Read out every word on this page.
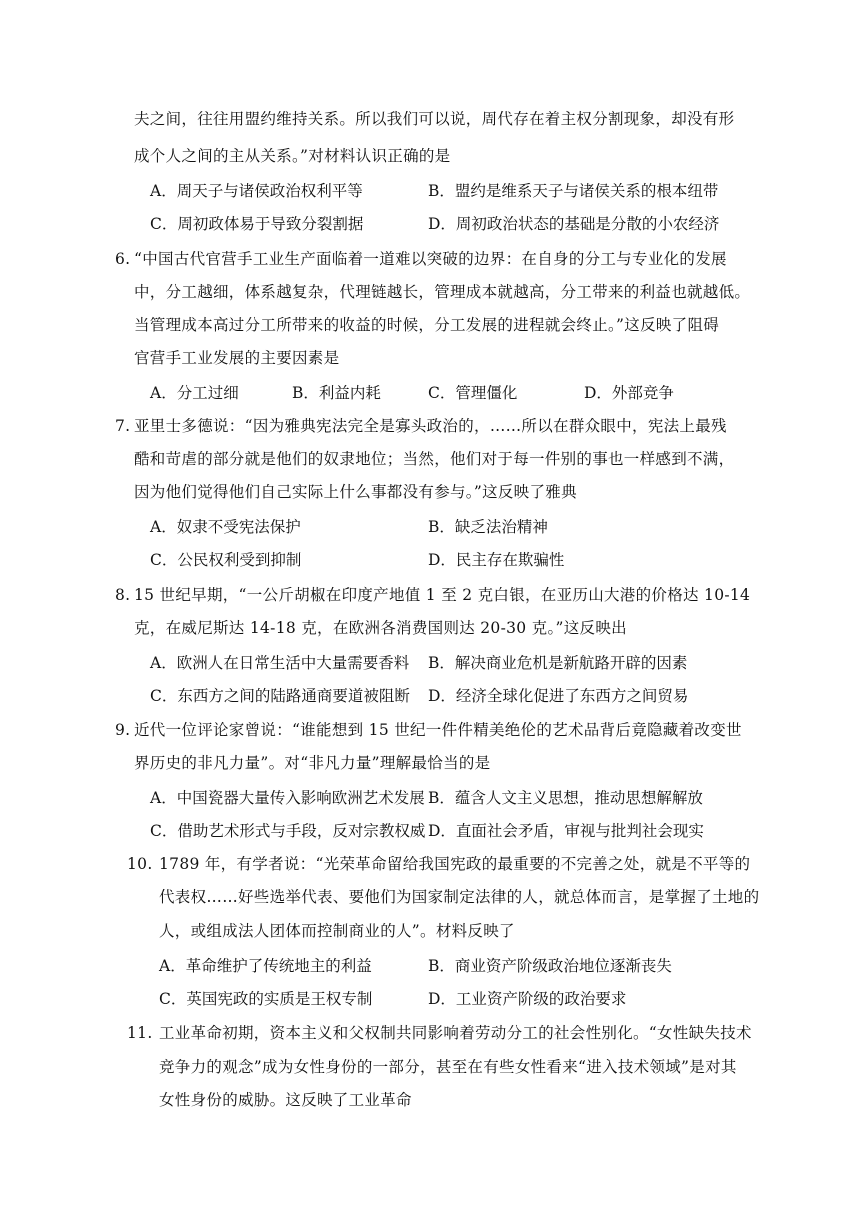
夫之间，往往用盟约维持关系。所以我们可以说，周代存在着主权分割现象，却没有形
成个人之间的主从关系。”对材料认识正确的是
A．周天子与诸侯政治权利平等	B．盟约是维系天子与诸侯关系的根本纽带
C．周初政体易于导致分裂割据	D．周初政治状态的基础是分散的小农经济
6. “中国古代官营手工业生产面临着一道难以突破的边界：在自身的分工与专业化的发展
中，分工越细，体系越复杂，代理链越长，管理成本就越高，分工带来的利益也就越低。
当管理成本高过分工所带来的收益的时候，分工发展的进程就会终止。”这反映了阻碍
官营手工业发展的主要因素是
A．分工过细	B．利益内耗	C．管理僵化	D．外部竞争
7. 亚里士多德说：“因为雅典宪法完全是寡头政治的，……所以在群众眼中，宪法上最残
酷和苛虐的部分就是他们的奴隶地位；当然，他们对于每一件别的事也一样感到不满，
因为他们觉得他们自己实际上什么事都没有参与。”这反映了雅典
A．奴隶不受宪法保护	B．缺乏法治精神
C．公民权利受到抑制	D．民主存在欺骗性
8. 15 世纪早期，“一公斤胡椒在印度产地值 1 至 2 克白银，在亚历山大港的价格达 10-14
克，在威尼斯达 14-18 克，在欧洲各消费国则达 20-30 克。”这反映出
A．欧洲人在日常生活中大量需要香料 B．解决商业危机是新航路开辟的因素
C．东西方之间的陆路通商要道被阻断 D．经济全球化促进了东西方之间贸易
9. 近代一位评论家曾说：“谁能想到 15 世纪一件件精美绝伦的艺术品背后竟隐藏着改变世
界历史的非凡力量”。对“非凡力量”理解最恰当的是
A．中国瓷器大量传入影响欧洲艺术发展 B．蕴含人文主义思想，推动思想解解放
C．借助艺术形式与手段，反对宗教权威 D．直面社会矛盾，审视与批判社会现实
10. 1789 年，有学者说：“光荣革命留给我国宪政的最重要的不完善之处，就是不平等的
代表权……好些选举代表、要他们为国家制定法律的人，就总体而言，是掌握了土地的
人，或组成法人团体而控制商业的人”。材料反映了
A．革命维护了传统地主的利益	B．商业资产阶级政治地位逐渐丧失
C．英国宪政的实质是王权专制	D．工业资产阶级的政治要求
11. 工业革命初期，资本主义和父权制共同影响着劳动分工的社会性别化。“女性缺失技术
竞争力的观念”成为女性身份的一部分，甚至在有些女性看来“进入技术领域”是对其
女性身份的威胁。这反映了工业革命
